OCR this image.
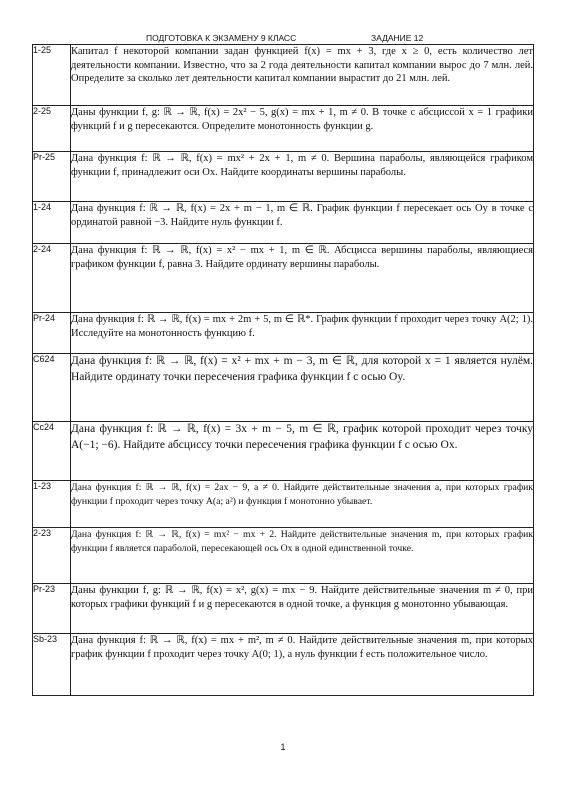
ПОДГОТОВКА К ЭКЗАМЕНУ 9 КЛАСС	ЗАДАНИЕ 12
1-25	Капитал f некоторой компании задан функцией f(x) = mx + 3, где x ≥ 0, есть количество лет деятельности компании. Известно, что за 2 года деятельности капитал компании вырос до 7 млн. лей. Определите за сколько лет деятельности капитал компании вырастит до 21 млн. лей.
2-25	Даны функции f, g: ℝ → ℝ, f(x) = 2x² − 5, g(x) = mx + 1, m ≠ 0. В точке с абсциссой x = 1 графики функций f и g пересекаются. Определите монотонность функции g.
Pr-25	Дана функция f: ℝ → ℝ, f(x) = mx² + 2x + 1, m ≠ 0. Вершина параболы, являющейся графиком функции f, принадлежит оси Ox. Найдите координаты вершины параболы.
1-24	Дана функция f: ℝ → ℝ, f(x) = 2x + m − 1, m ∈ ℝ. График функции f пересекает ось Oy в точке с ординатой равной −3. Найдите нуль функции f.
2-24	Дана функция f: ℝ → ℝ, f(x) = x² − mx + 1, m ∈ ℝ. Абсцисса вершины параболы, являющиеся графиком функции f, равна 3. Найдите ординату вершины параболы.
Pr-24	Дана функция f: ℝ → ℝ, f(x) = mx + 2m + 5, m ∈ ℝ*. График функции f проходит через точку A(2; 1). Исследуйте на монотонность функцию f.
C624	Дана функция f: ℝ → ℝ, f(x) = x² + mx + m − 3, m ∈ ℝ, для которой x = 1 является нулём. Найдите ординату точки пересечения графика функции f с осью Oy.
Cc24	Дана функция f: ℝ → ℝ, f(x) = 3x + m − 5, m ∈ ℝ, график которой проходит через точку A(−1; −6). Найдите абсциссу точки пересечения графика функции f с осью Ox.
1-23	Дана функция f: ℝ → ℝ, f(x) = 2ax − 9, a ≠ 0. Найдите действительные значения a, при которых график функции f проходит через точку A(a; a²) и функция f монотонно убывает.
2-23	Дана функция f: ℝ → ℝ, f(x) = mx² − mx + 2. Найдите действительные значения m, при которых график функции f является параболой, пересекающей ось Ox в одной единственной точке.
Pr-23	Даны функции f, g: ℝ → ℝ, f(x) = x², g(x) = mx − 9. Найдите действительные значения m ≠ 0, при которых графики функций f и g пересекаются в одной точке, а функция g монотонно убывающая.
Sb-23	Дана функция f: ℝ → ℝ, f(x) = mx + m², m ≠ 0. Найдите действительные значения m, при которых график функции f проходит через точку A(0; 1), а нуль функции f есть положительное число.
1
